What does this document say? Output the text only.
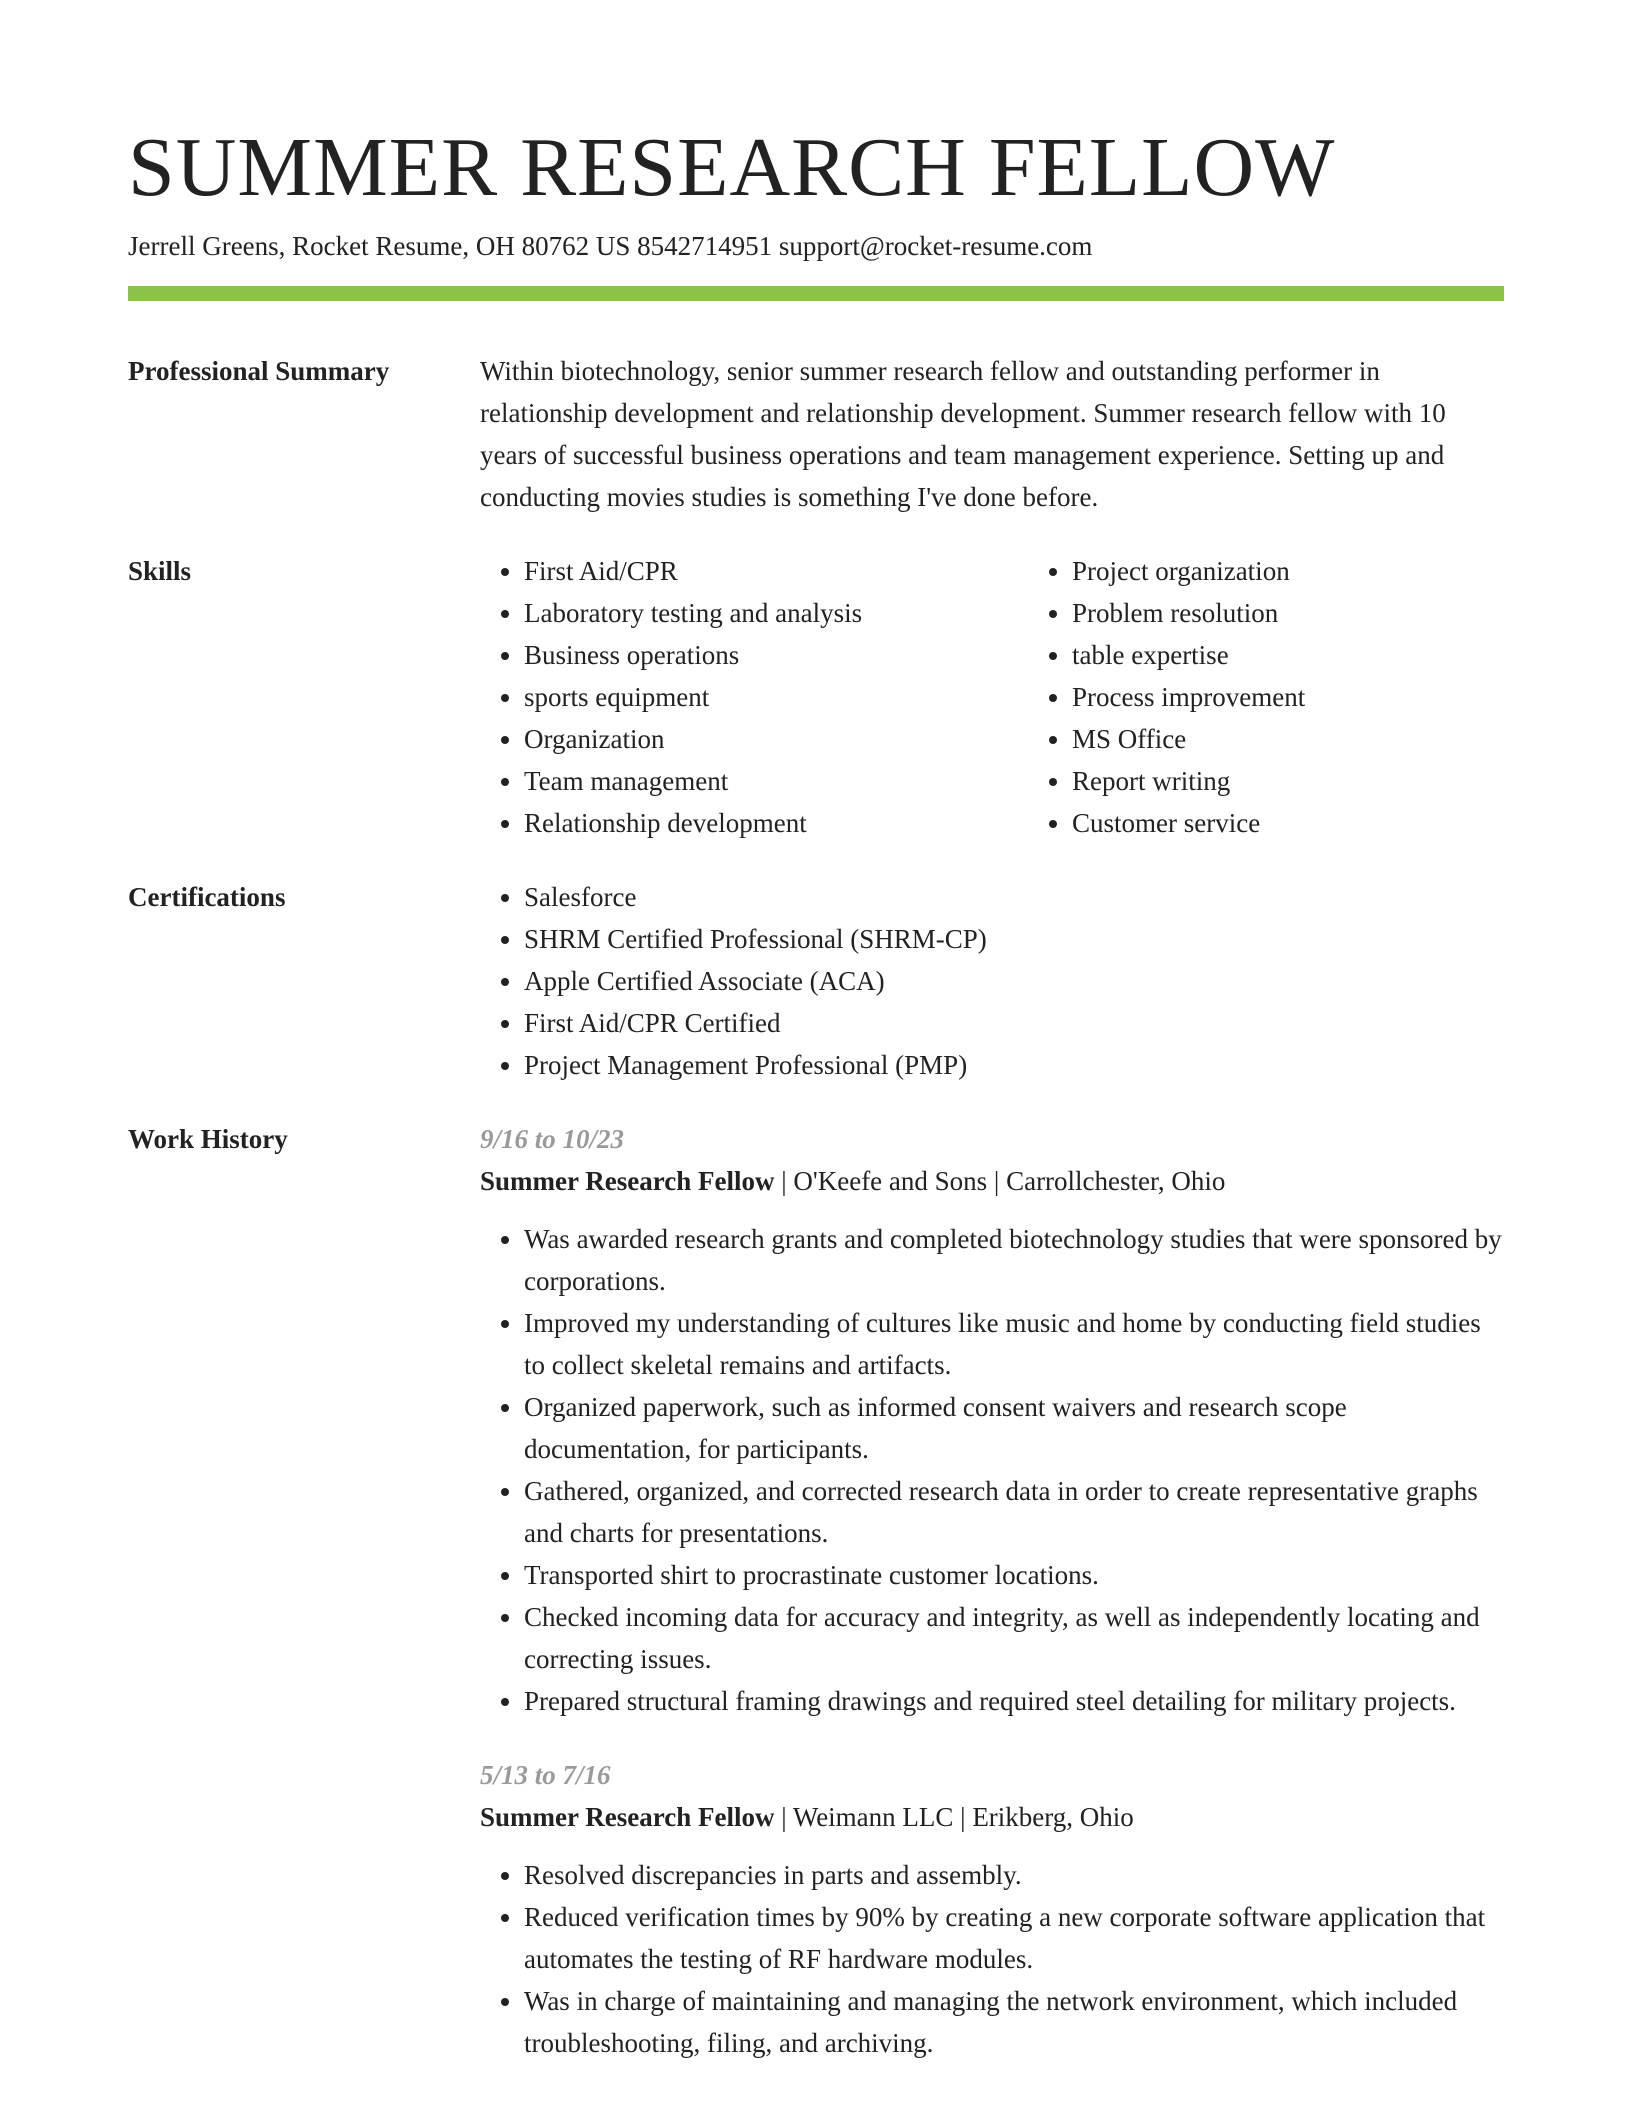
SUMMER RESEARCH FELLOW
Jerrell Greens, Rocket Resume, OH 80762 US 8542714951 support@rocket-resume.com
Professional Summary	Within biotechnology, senior summer research fellow and outstanding performer in relationship development and relationship development. Summer research fellow with 10 years of successful business operations and team management experience. Setting up and conducting movies studies is something I've done before.

Skills	• First Aid/CPR
• Laboratory testing and analysis
• Business operations
• sports equipment
• Organization
• Team management
• Relationship development
• Project organization
• Problem resolution
• table expertise
• Process improvement
• MS Office
• Report writing
• Customer service
Certifications	• Salesforce
• SHRM Certified Professional (SHRM-CP)
• Apple Certified Associate (ACA)
• First Aid/CPR Certified
• Project Management Professional (PMP)
Work History	9/16 to 10/23
Summer Research Fellow | O'Keefe and Sons | Carrollchester, Ohio
• Was awarded research grants and completed biotechnology studies that were sponsored by corporations.
• Improved my understanding of cultures like music and home by conducting field studies to collect skeletal remains and artifacts.
• Organized paperwork, such as informed consent waivers and research scope documentation, for participants.
• Gathered, organized, and corrected research data in order to create representative graphs and charts for presentations.
• Transported shirt to procrastinate customer locations.
• Checked incoming data for accuracy and integrity, as well as independently locating and correcting issues.
• Prepared structural framing drawings and required steel detailing for military projects.
5/13 to 7/16
Summer Research Fellow | Weimann LLC | Erikberg, Ohio
• Resolved discrepancies in parts and assembly.
• Reduced verification times by 90% by creating a new corporate software application that automates the testing of RF hardware modules.
• Was in charge of maintaining and managing the network environment, which included troubleshooting, filing, and archiving.
